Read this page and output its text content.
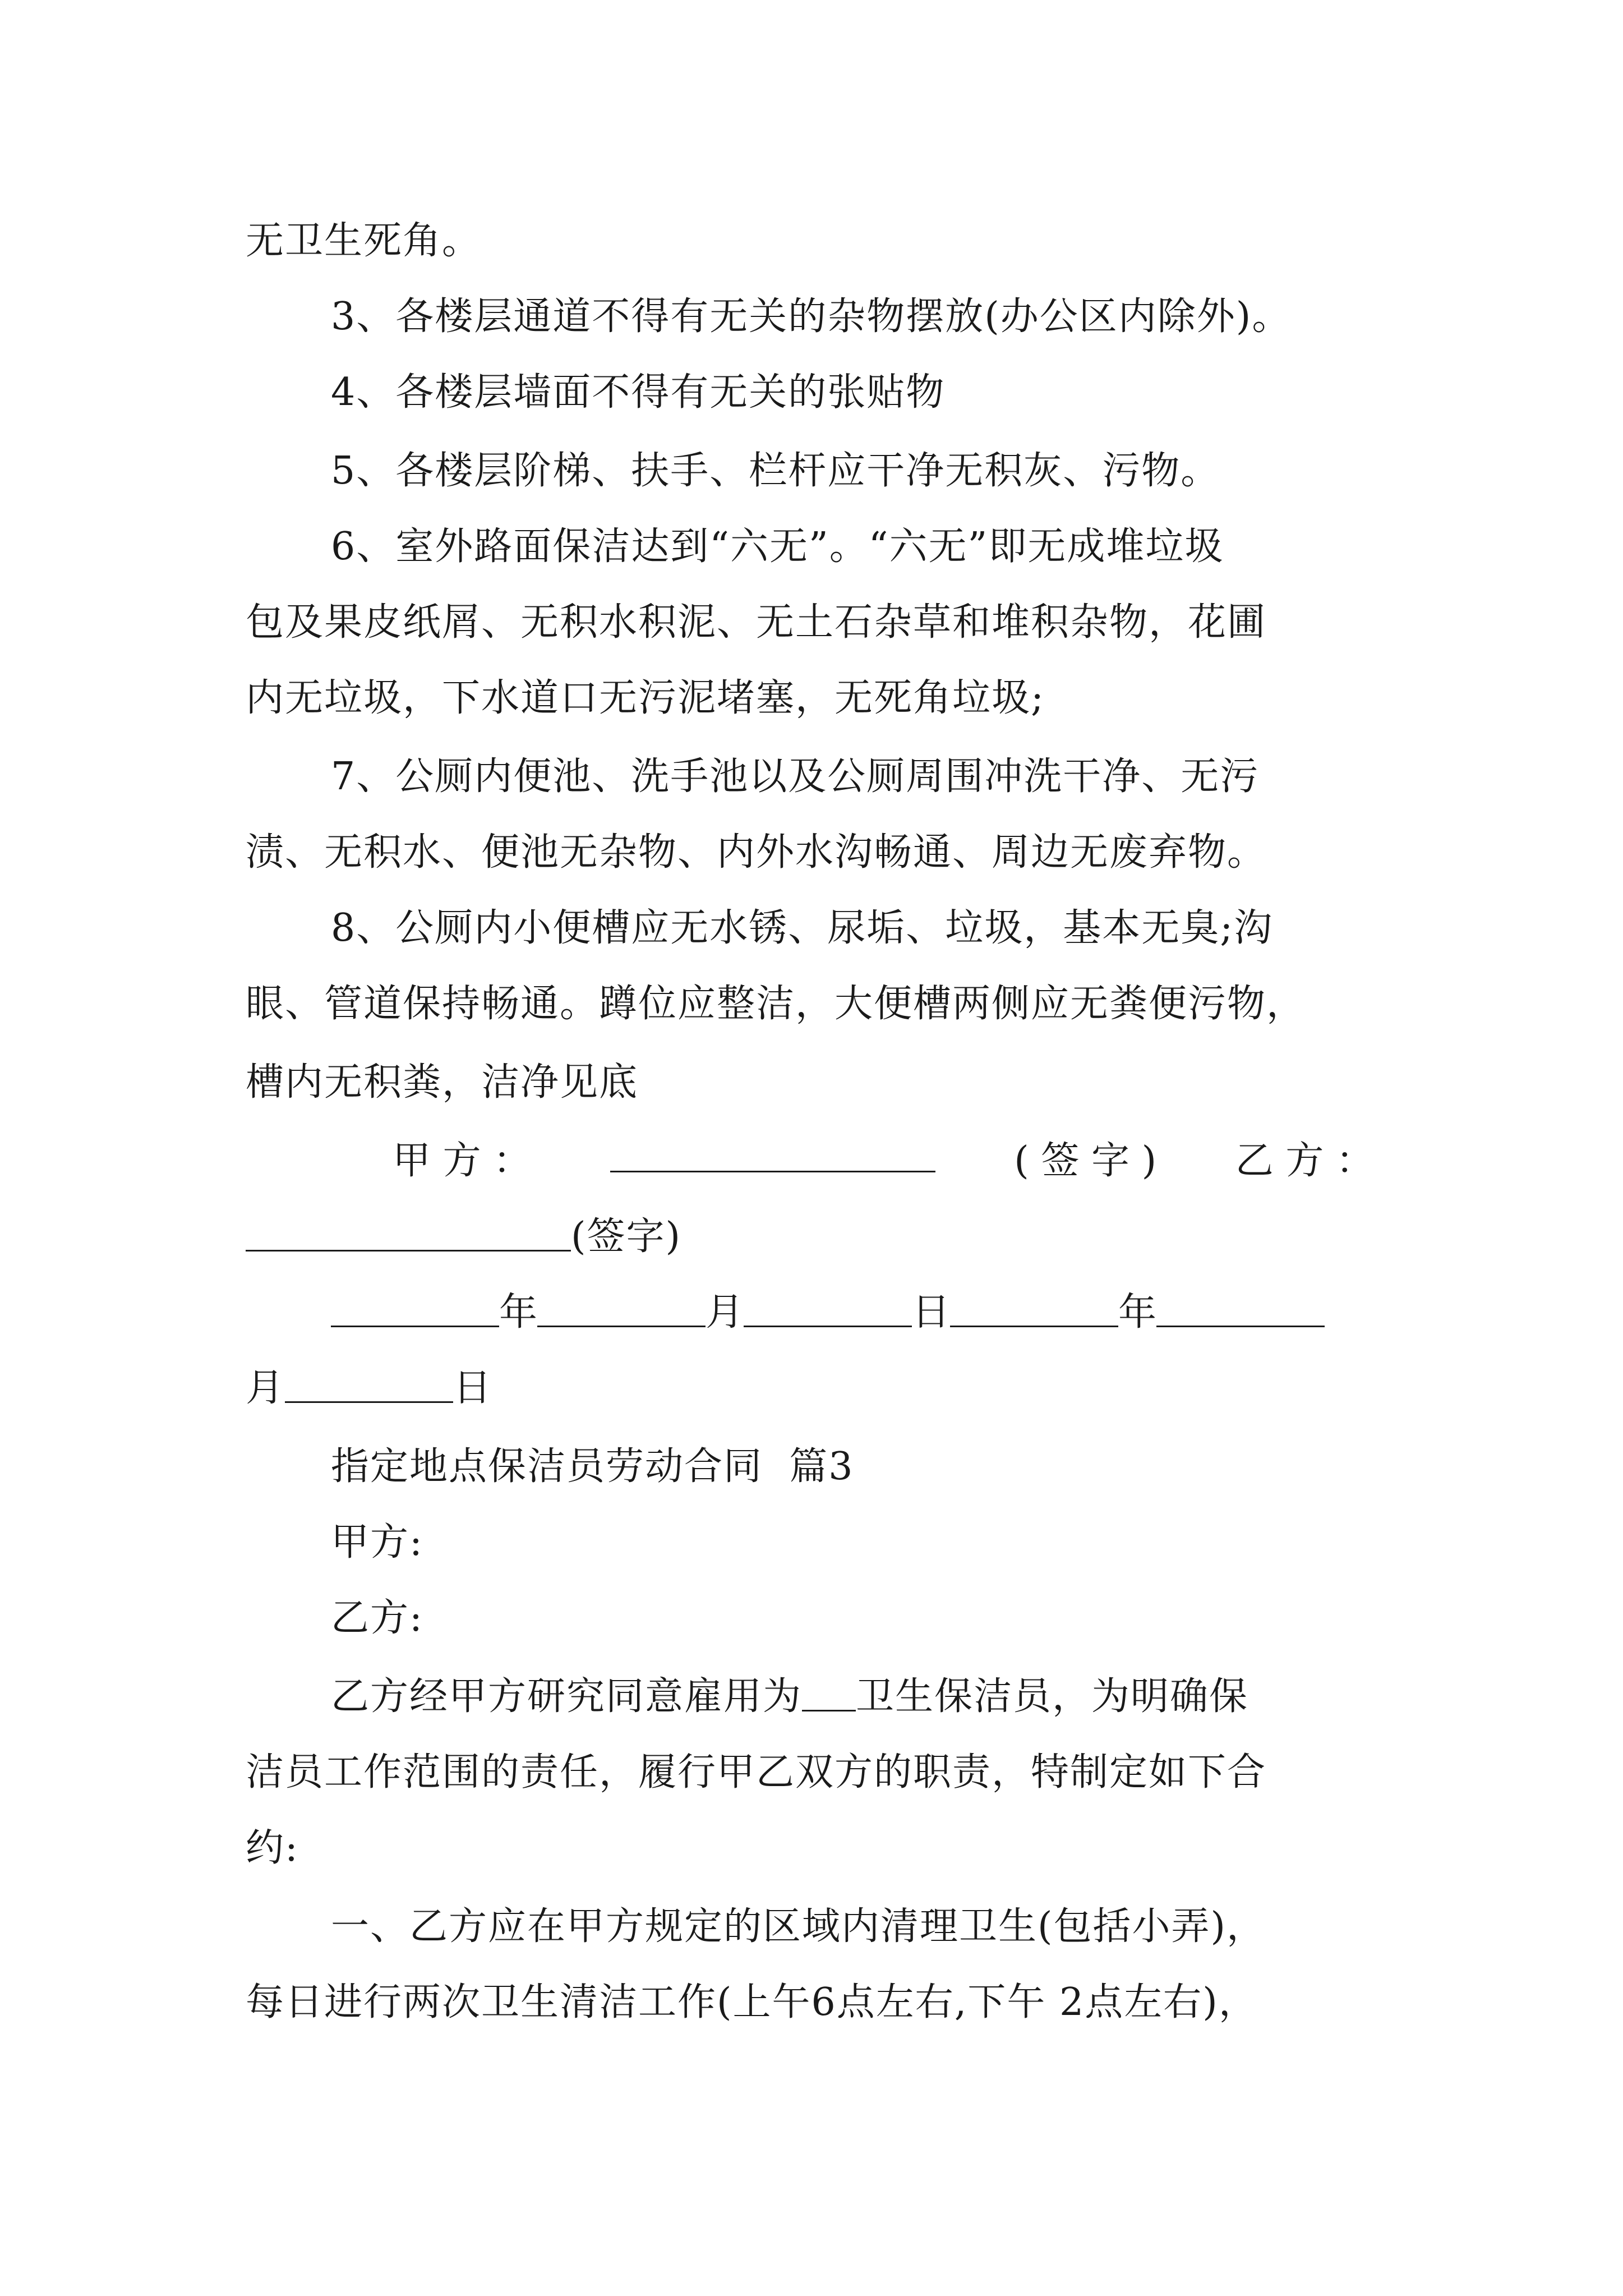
无卫生死角。
3、各楼层通道不得有无关的杂物摆放(办公区内除外)。
4、各楼层墙面不得有无关的张贴物
5、各楼层阶梯、扶手、栏杆应干净无积灰、污物。
6、室外路面保洁达到“六无”。“六无”即无成堆垃圾
包及果皮纸屑、无积水积泥、无土石杂草和堆积杂物，花圃
内无垃圾，下水道口无污泥堵塞，无死角垃圾;
7、公厕内便池、洗手池以及公厕周围冲洗干净、无污
渍、无积水、便池无杂物、内外水沟畅通、周边无废弃物。
8、公厕内小便槽应无水锈、尿垢、垃圾，基本无臭;沟
眼、管道保持畅通。蹲位应整洁，大便槽两侧应无粪便污物，
槽内无积粪，洁净见底
甲 方 ：	( 签 字 ) 乙 方 ：
(签字)
年	月	日	年
月	日
指定地点保洁员劳动合同  篇3
甲方:
乙方:
乙方经甲方研究同意雇用为 卫生保洁员，为明确保
洁员工作范围的责任，履行甲乙双方的职责，特制定如下合
约:
一、乙方应在甲方规定的区域内清理卫生(包括小弄)，
每日进行两次卫生清洁工作(上午6点左右,下午 2点左右)，
